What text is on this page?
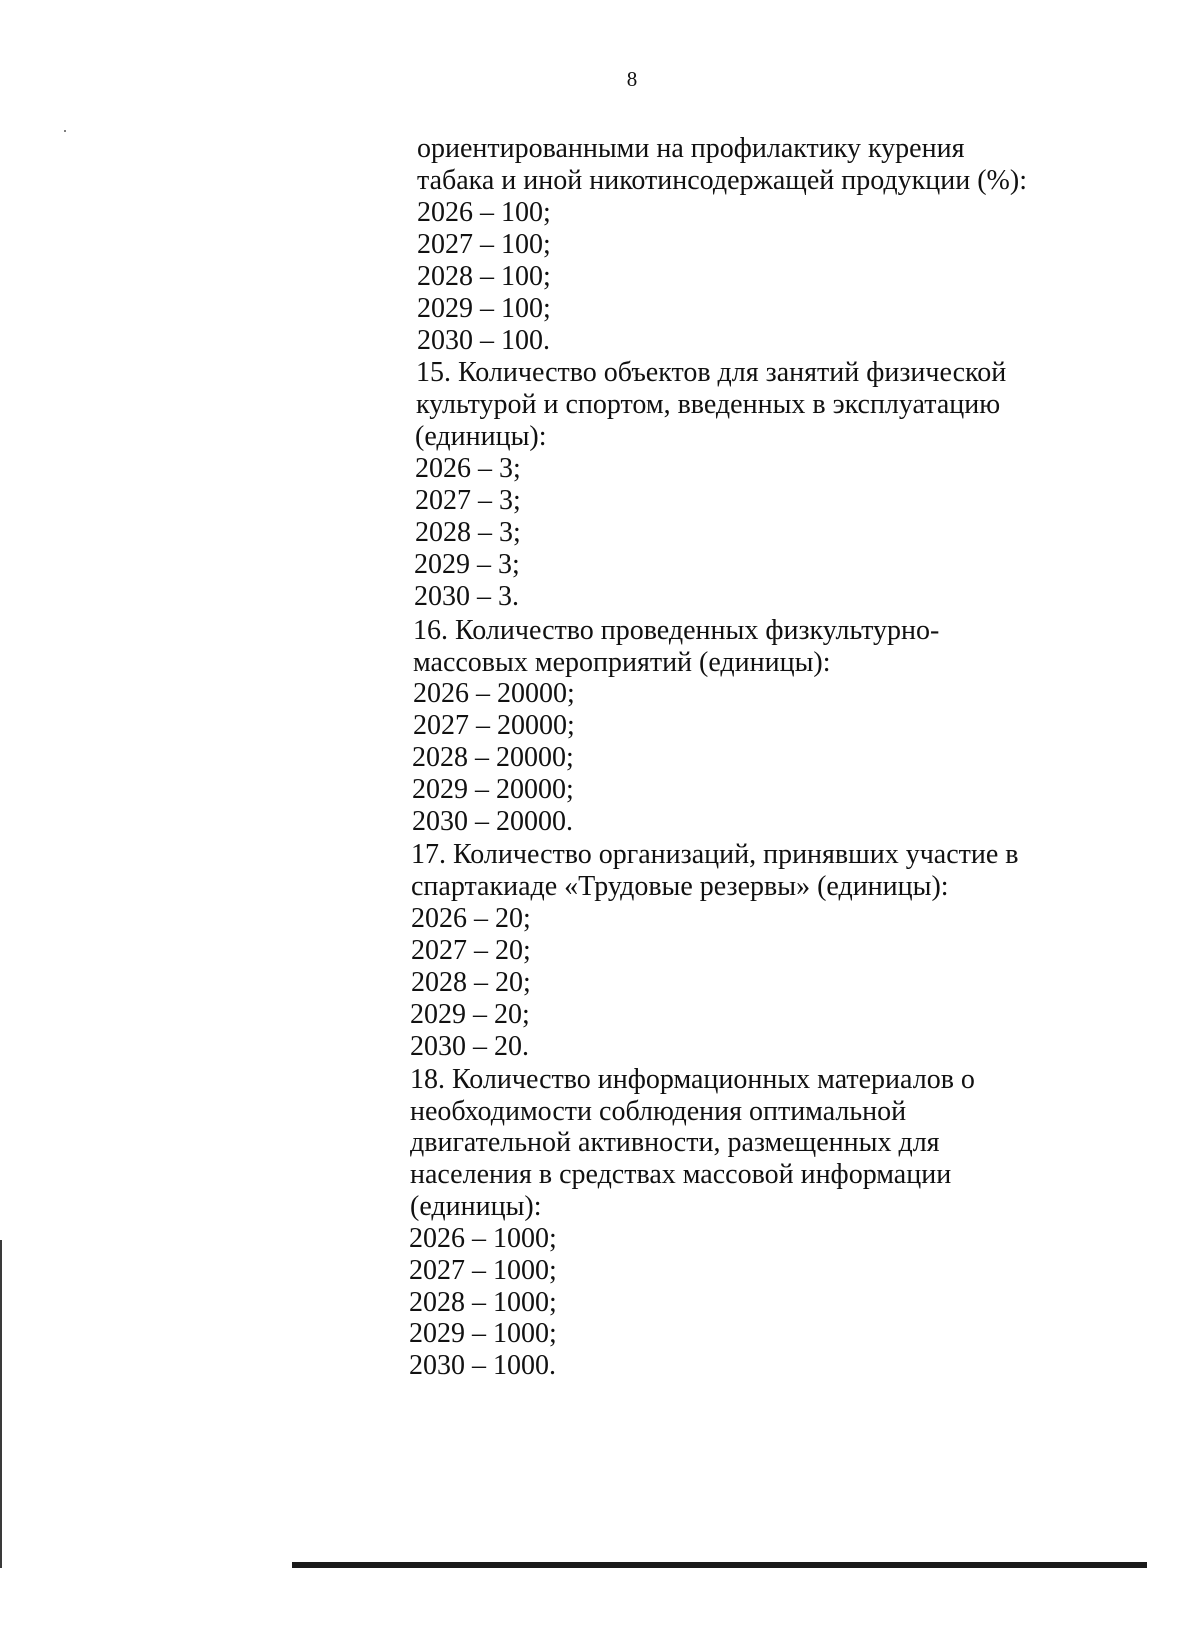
8
ориентированными на профилактику курения
табака и иной никотинсодержащей продукции (%):
2026 – 100;
2027 – 100;
2028 – 100;
2029 – 100;
2030 – 100.
15. Количество объектов для занятий физической
культурой и спортом, введенных в эксплуатацию
(единицы):
2026 – 3;
2027 – 3;
2028 – 3;
2029 – 3;
2030 – 3.
16. Количество проведенных физкультурно-
массовых мероприятий (единицы):
2026 – 20000;
2027 – 20000;
2028 – 20000;
2029 – 20000;
2030 – 20000.
17. Количество организаций, принявших участие в
спартакиаде «Трудовые резервы» (единицы):
2026 – 20;
2027 – 20;
2028 – 20;
2029 – 20;
2030 – 20.
18. Количество информационных материалов о
необходимости соблюдения оптимальной
двигательной активности, размещенных для
населения в средствах массовой информации
(единицы):
2026 – 1000;
2027 – 1000;
2028 – 1000;
2029 – 1000;
2030 – 1000.
